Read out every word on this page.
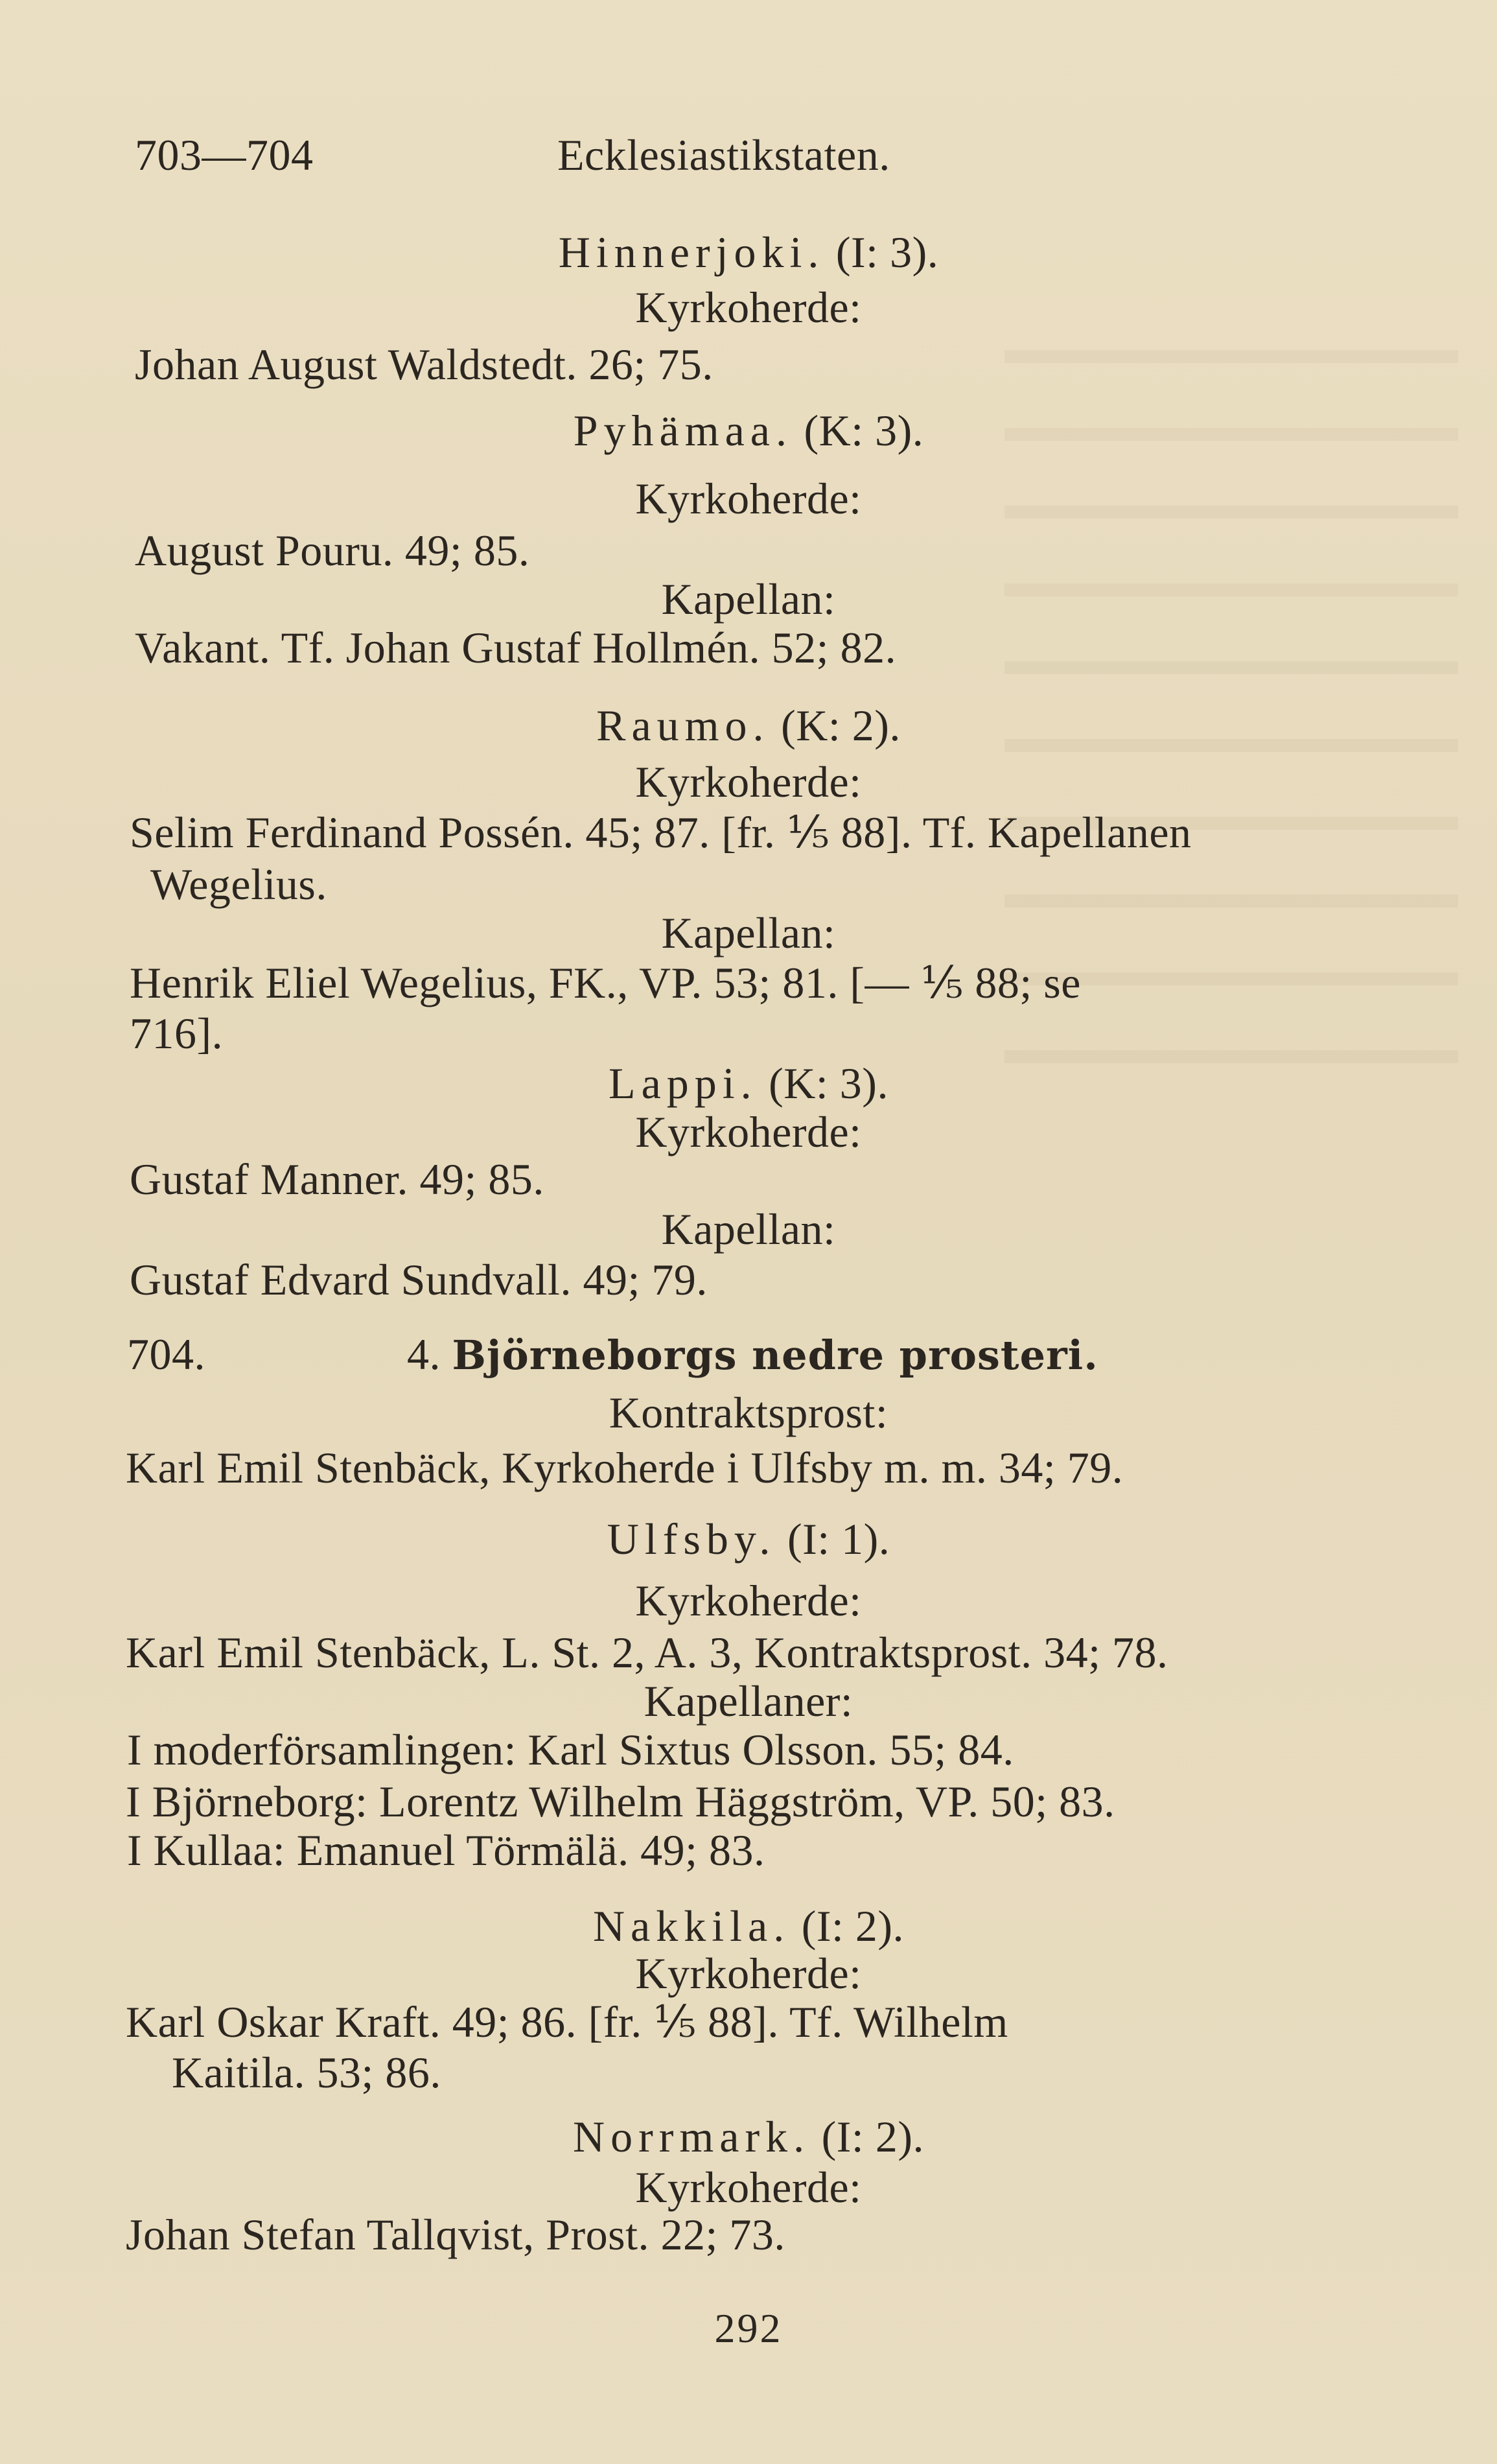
703—704	Ecklesiastikstaten.
Hinnerjoki. (I: 3).
Kyrkoherde:
Johan August Waldstedt. 26; 75.
Pyhämaa. (K: 3).
Kyrkoherde:
August Pouru. 49; 85.
Kapellan:
Vakant. Tf. Johan Gustaf Hollmén. 52; 82.
Raumo. (K: 2).
Kyrkoherde:
Selim Ferdinand Possén. 45; 87. [fr. ⅕ 88]. Tf. Kapellanen
Wegelius.
Kapellan:
Henrik Eliel Wegelius, FK., VP. 53; 81. [— ⅕ 88; se
716].
Lappi. (K: 3).
Kyrkoherde:
Gustaf Manner. 49; 85.
Kapellan:
Gustaf Edvard Sundvall. 49; 79.
704.	4. Björneborgs nedre prosteri.
Kontraktsprost:
Karl Emil Stenbäck, Kyrkoherde i Ulfsby m. m. 34; 79.
Ulfsby. (I: 1).
Kyrkoherde:
Karl Emil Stenbäck, L. St. 2, A. 3, Kontraktsprost. 34; 78.
Kapellaner:
I moderförsamlingen: Karl Sixtus Olsson. 55; 84.
I Björneborg: Lorentz Wilhelm Häggström, VP. 50; 83.
I Kullaa: Emanuel Törmälä. 49; 83.
Nakkila. (I: 2).
Kyrkoherde:
Karl Oskar Kraft. 49; 86. [fr. ⅕ 88]. Tf. Wilhelm
Kaitila. 53; 86.
Norrmark. (I: 2).
Kyrkoherde:
Johan Stefan Tallqvist, Prost. 22; 73.
292
